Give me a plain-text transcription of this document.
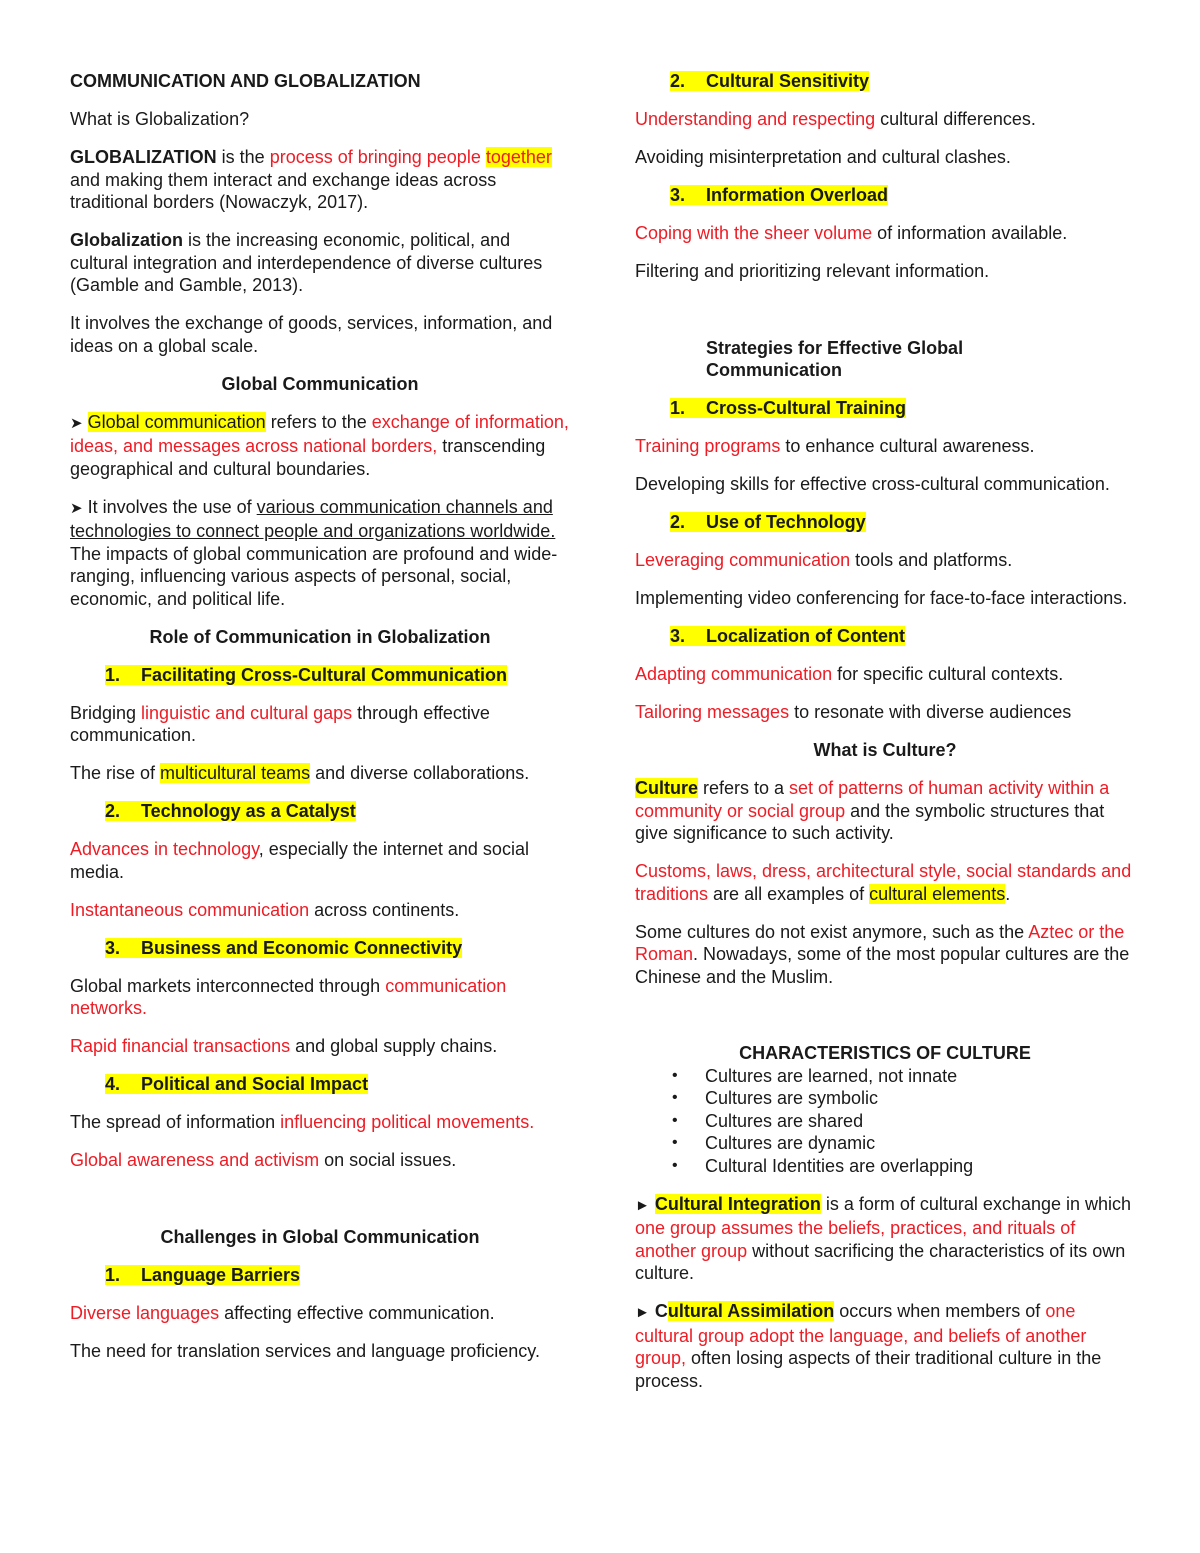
COMMUNICATION AND GLOBALIZATION

What is Globalization?

GLOBALIZATION is the process of bringing people together and making them interact and exchange ideas across traditional borders (Nowaczyk, 2017).

Globalization is the increasing economic, political, and cultural integration and interdependence of diverse cultures (Gamble and Gamble, 2013).

It involves the exchange of goods, services, information, and ideas on a global scale.

Global Communication

➤ Global communication refers to the exchange of information, ideas, and messages across national borders, transcending geographical and cultural boundaries.

➤ It involves the use of various communication channels and technologies to connect people and organizations worldwide. The impacts of global communication are profound and wide-ranging, influencing various aspects of personal, social, economic, and political life.

Role of Communication in Globalization

1. Facilitating Cross-Cultural Communication

Bridging linguistic and cultural gaps through effective communication.

The rise of multicultural teams and diverse collaborations.

2. Technology as a Catalyst

Advances in technology, especially the internet and social media.

Instantaneous communication across continents.

3. Business and Economic Connectivity

Global markets interconnected through communication networks.

Rapid financial transactions and global supply chains.

4. Political and Social Impact

The spread of information influencing political movements.

Global awareness and activism on social issues.

Challenges in Global Communication

1. Language Barriers

Diverse languages affecting effective communication.

The need for translation services and language proficiency.

2. Cultural Sensitivity

Understanding and respecting cultural differences.

Avoiding misinterpretation and cultural clashes.

3. Information Overload

Coping with the sheer volume of information available.

Filtering and prioritizing relevant information.

Strategies for Effective Global Communication

1. Cross-Cultural Training

Training programs to enhance cultural awareness.

Developing skills for effective cross-cultural communication.

2. Use of Technology

Leveraging communication tools and platforms.

Implementing video conferencing for face-to-face interactions.

3. Localization of Content

Adapting communication for specific cultural contexts.

Tailoring messages to resonate with diverse audiences

What is Culture?

Culture refers to a set of patterns of human activity within a community or social group and the symbolic structures that give significance to such activity.

Customs, laws, dress, architectural style, social standards and traditions are all examples of cultural elements.

Some cultures do not exist anymore, such as the Aztec or the Roman. Nowadays, some of the most popular cultures are the Chinese and the Muslim.

CHARACTERISTICS OF CULTURE

• Cultures are learned, not innate
• Cultures are symbolic
• Cultures are shared
• Cultures are dynamic
• Cultural Identities are overlapping

► Cultural Integration is a form of cultural exchange in which one group assumes the beliefs, practices, and rituals of another group without sacrificing the characteristics of its own culture.

► Cultural Assimilation occurs when members of one cultural group adopt the language, and beliefs of another group, often losing aspects of their traditional culture in the process.
